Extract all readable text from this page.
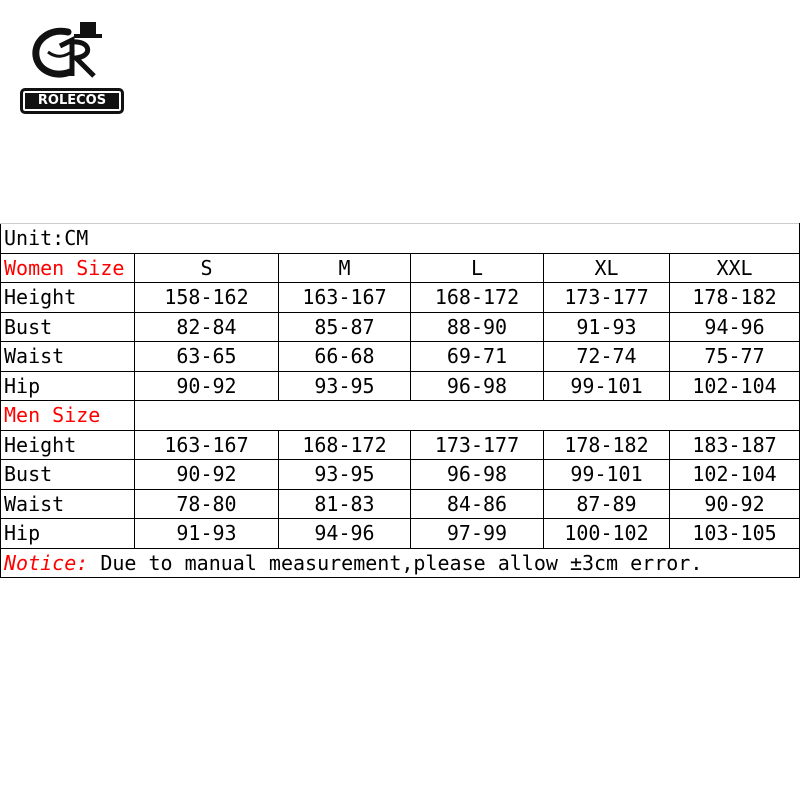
ROLECOS
Unit:CM					
Women Size	S	M	L	XL	XXL
Height	158-162	163-167	168-172	173-177	178-182
Bust	82-84	85-87	88-90	91-93	94-96
Waist	63-65	66-68	69-71	72-74	75-77
Hip	90-92	93-95	96-98	99-101	102-104
Men Size					
Height	163-167	168-172	173-177	178-182	183-187
Bust	90-92	93-95	96-98	99-101	102-104
Waist	78-80	81-83	84-86	87-89	90-92
Hip	91-93	94-96	97-99	100-102	103-105
Notice: Due to manual measurement,please allow ±3cm error.					
